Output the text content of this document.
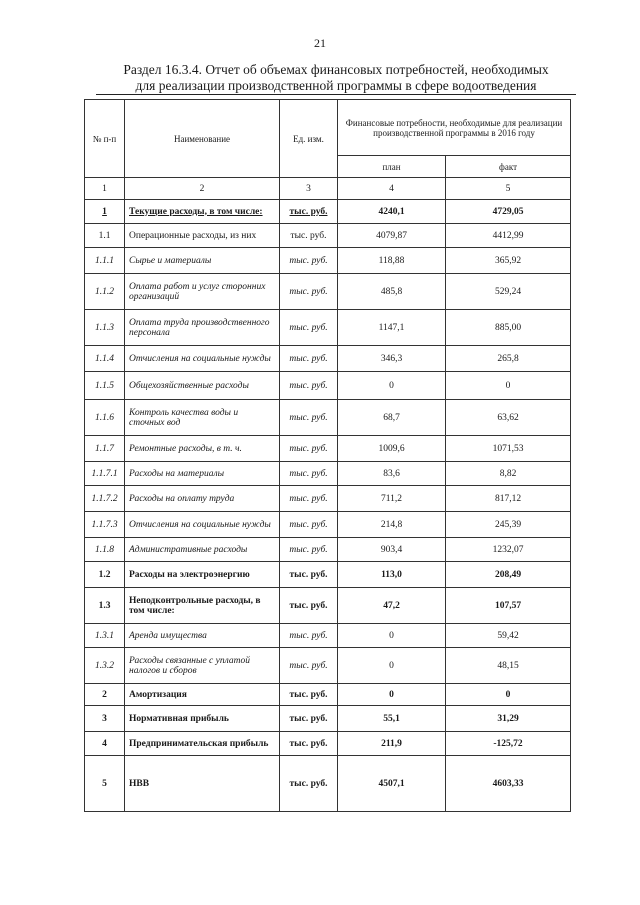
21
Раздел 16.3.4. Отчет об объемах финансовых потребностей, необходимых
для реализации производственной программы в сфере водоотведения
№ п-п	Наименование	Ед. изм.	Финансовые потребности, необходимые для реализации производственной программы в 2016 году	
			план	факт
1	2	3	4	5
1	Текущие расходы, в том числе:	тыс. руб.	4240,1	4729,05
1.1	Операционные расходы, из них	тыс. руб.	4079,87	4412,99
1.1.1	Сырье и материалы	тыс. руб.	118,88	365,92
1.1.2	Оплата работ и услуг сторонних организаций	тыс. руб.	485,8	529,24
1.1.3	Оплата труда производственного персонала	тыс. руб.	1147,1	885,00
1.1.4	Отчисления на социальные нужды	тыс. руб.	346,3	265,8
1.1.5	Общехозяйственные расходы	тыс. руб.	0	0
1.1.6	Контроль качества воды и сточных вод	тыс. руб.	68,7	63,62
1.1.7	Ремонтные расходы, в т. ч.	тыс. руб.	1009,6	1071,53
1.1.7.1	Расходы на материалы	тыс. руб.	83,6	8,82
1.1.7.2	Расходы на оплату труда	тыс. руб.	711,2	817,12
1.1.7.3	Отчисления на социальные нужды	тыс. руб.	214,8	245,39
1.1.8	Административные расходы	тыс. руб.	903,4	1232,07
1.2	Расходы на электроэнергию	тыс. руб.	113,0	208,49
1.3	Неподконтрольные расходы, в том числе:	тыс. руб.	47,2	107,57
1.3.1	Аренда имущества	тыс. руб.	0	59,42
1.3.2	Расходы связанные с уплатой налогов и сборов	тыс. руб.	0	48,15
2	Амортизация	тыс. руб.	0	0
3	Нормативная прибыль	тыс. руб.	55,1	31,29
4	Предпринимательская прибыль	тыс. руб.	211,9	-125,72
5	НВВ	тыс. руб.	4507,1	4603,33
